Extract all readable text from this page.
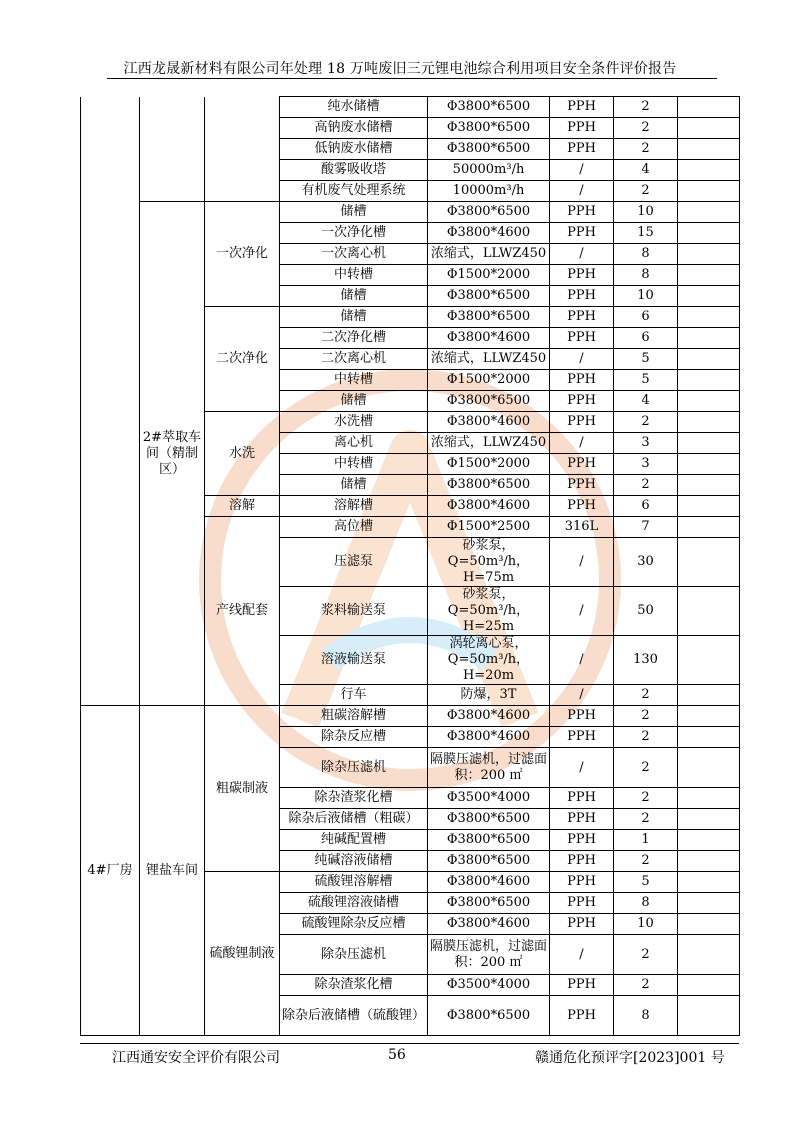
江西龙晟新材料有限公司年处理 18 万吨废旧三元锂电池综合利用项目安全条件评价报告
			纯水储槽	Φ3800*6500	PPH	2	
			高钠废水储槽	Φ3800*6500	PPH	2	
			低钠废水储槽	Φ3800*6500	PPH	2	
			酸雾吸收塔	50000m³/h	/	4	
			有机废气处理系统	10000m³/h	/	2	
	2#萃取车间（精制区）	一次净化	储槽	Φ3800*6500	PPH	10	
			一次净化槽	Φ3800*4600	PPH	15	
			一次离心机	浓缩式，LLWZ450	/	8	
			中转槽	Φ1500*2000	PPH	8	
			储槽	Φ3800*6500	PPH	10	
		二次净化	储槽	Φ3800*6500	PPH	6	
			二次净化槽	Φ3800*4600	PPH	6	
			二次离心机	浓缩式，LLWZ450	/	5	
			中转槽	Φ1500*2000	PPH	5	
			储槽	Φ3800*6500	PPH	4	
		水洗	水洗槽	Φ3800*4600	PPH	2	
			离心机	浓缩式，LLWZ450	/	3	
			中转槽	Φ1500*2000	PPH	3	
			储槽	Φ3800*6500	PPH	2	
		溶解	溶解槽	Φ3800*4600	PPH	6	
		产线配套	高位槽	Φ1500*2500	316L	7	
			压滤泵	砂浆泵，Q=50m³/h，H=75m	/	30	
			浆料输送泵	砂浆泵，Q=50m³/h，H=25m	/	50	
			溶液输送泵	涡轮离心泵，Q=50m³/h，H=20m	/	130	
			行车	防爆，3T	/	2	
4#厂房	锂盐车间	粗碳制液	粗碳溶解槽	Φ3800*4600	PPH	2	
			除杂反应槽	Φ3800*4600	PPH	2	
			除杂压滤机	隔膜压滤机，过滤面积：200 ㎡	/	2	
			除杂渣浆化槽	Φ3500*4000	PPH	2	
			除杂后液储槽（粗碳）	Φ3800*6500	PPH	2	
			纯碱配置槽	Φ3800*6500	PPH	1	
			纯碱溶液储槽	Φ3800*6500	PPH	2	
		硫酸锂制液	硫酸锂溶解槽	Φ3800*4600	PPH	5	
			硫酸锂溶液储槽	Φ3800*6500	PPH	8	
			硫酸锂除杂反应槽	Φ3800*4600	PPH	10	
			除杂压滤机	隔膜压滤机，过滤面积：200 ㎡	/	2	
			除杂渣浆化槽	Φ3500*4000	PPH	2	
			除杂后液储槽（硫酸锂）	Φ3800*6500	PPH	8	
江西通安安全评价有限公司	56	赣通危化预评字[2023]001 号
